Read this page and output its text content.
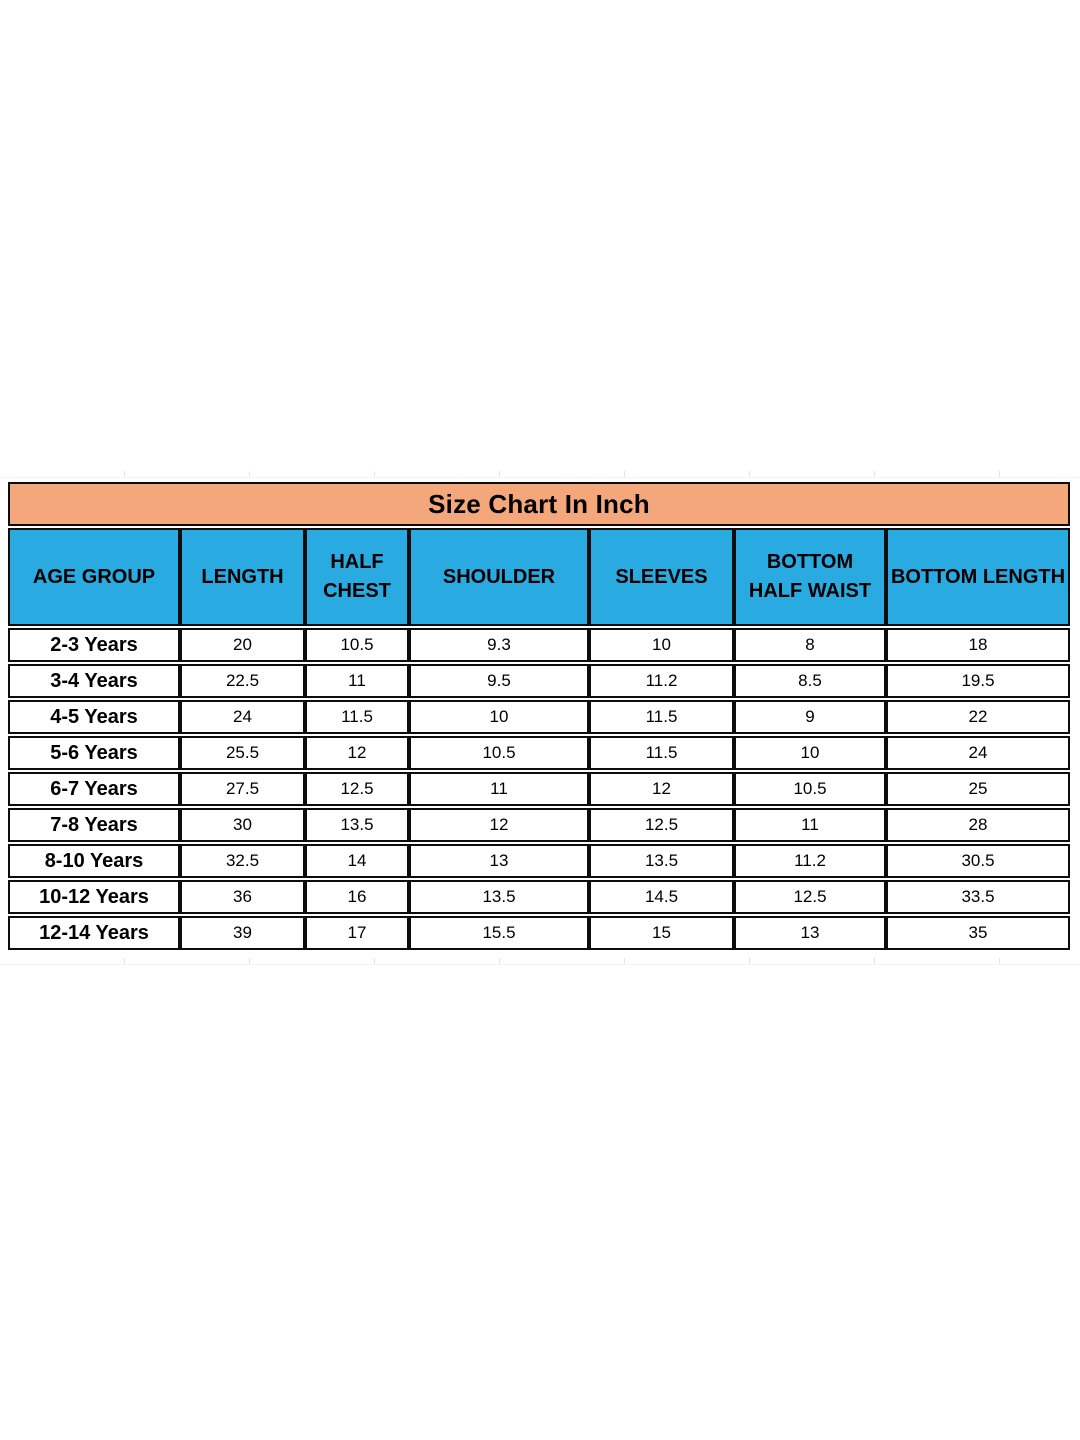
Size Chart In Inch						
AGE GROUP	LENGTH	HALF CHEST	SHOULDER	SLEEVES	BOTTOM HALF WAIST	BOTTOM LENGTH
2-3 Years	20	10.5	9.3	10	8	18
3-4 Years	22.5	11	9.5	11.2	8.5	19.5
4-5 Years	24	11.5	10	11.5	9	22
5-6 Years	25.5	12	10.5	11.5	10	24
6-7 Years	27.5	12.5	11	12	10.5	25
7-8 Years	30	13.5	12	12.5	11	28
8-10 Years	32.5	14	13	13.5	11.2	30.5
10-12 Years	36	16	13.5	14.5	12.5	33.5
12-14 Years	39	17	15.5	15	13	35
